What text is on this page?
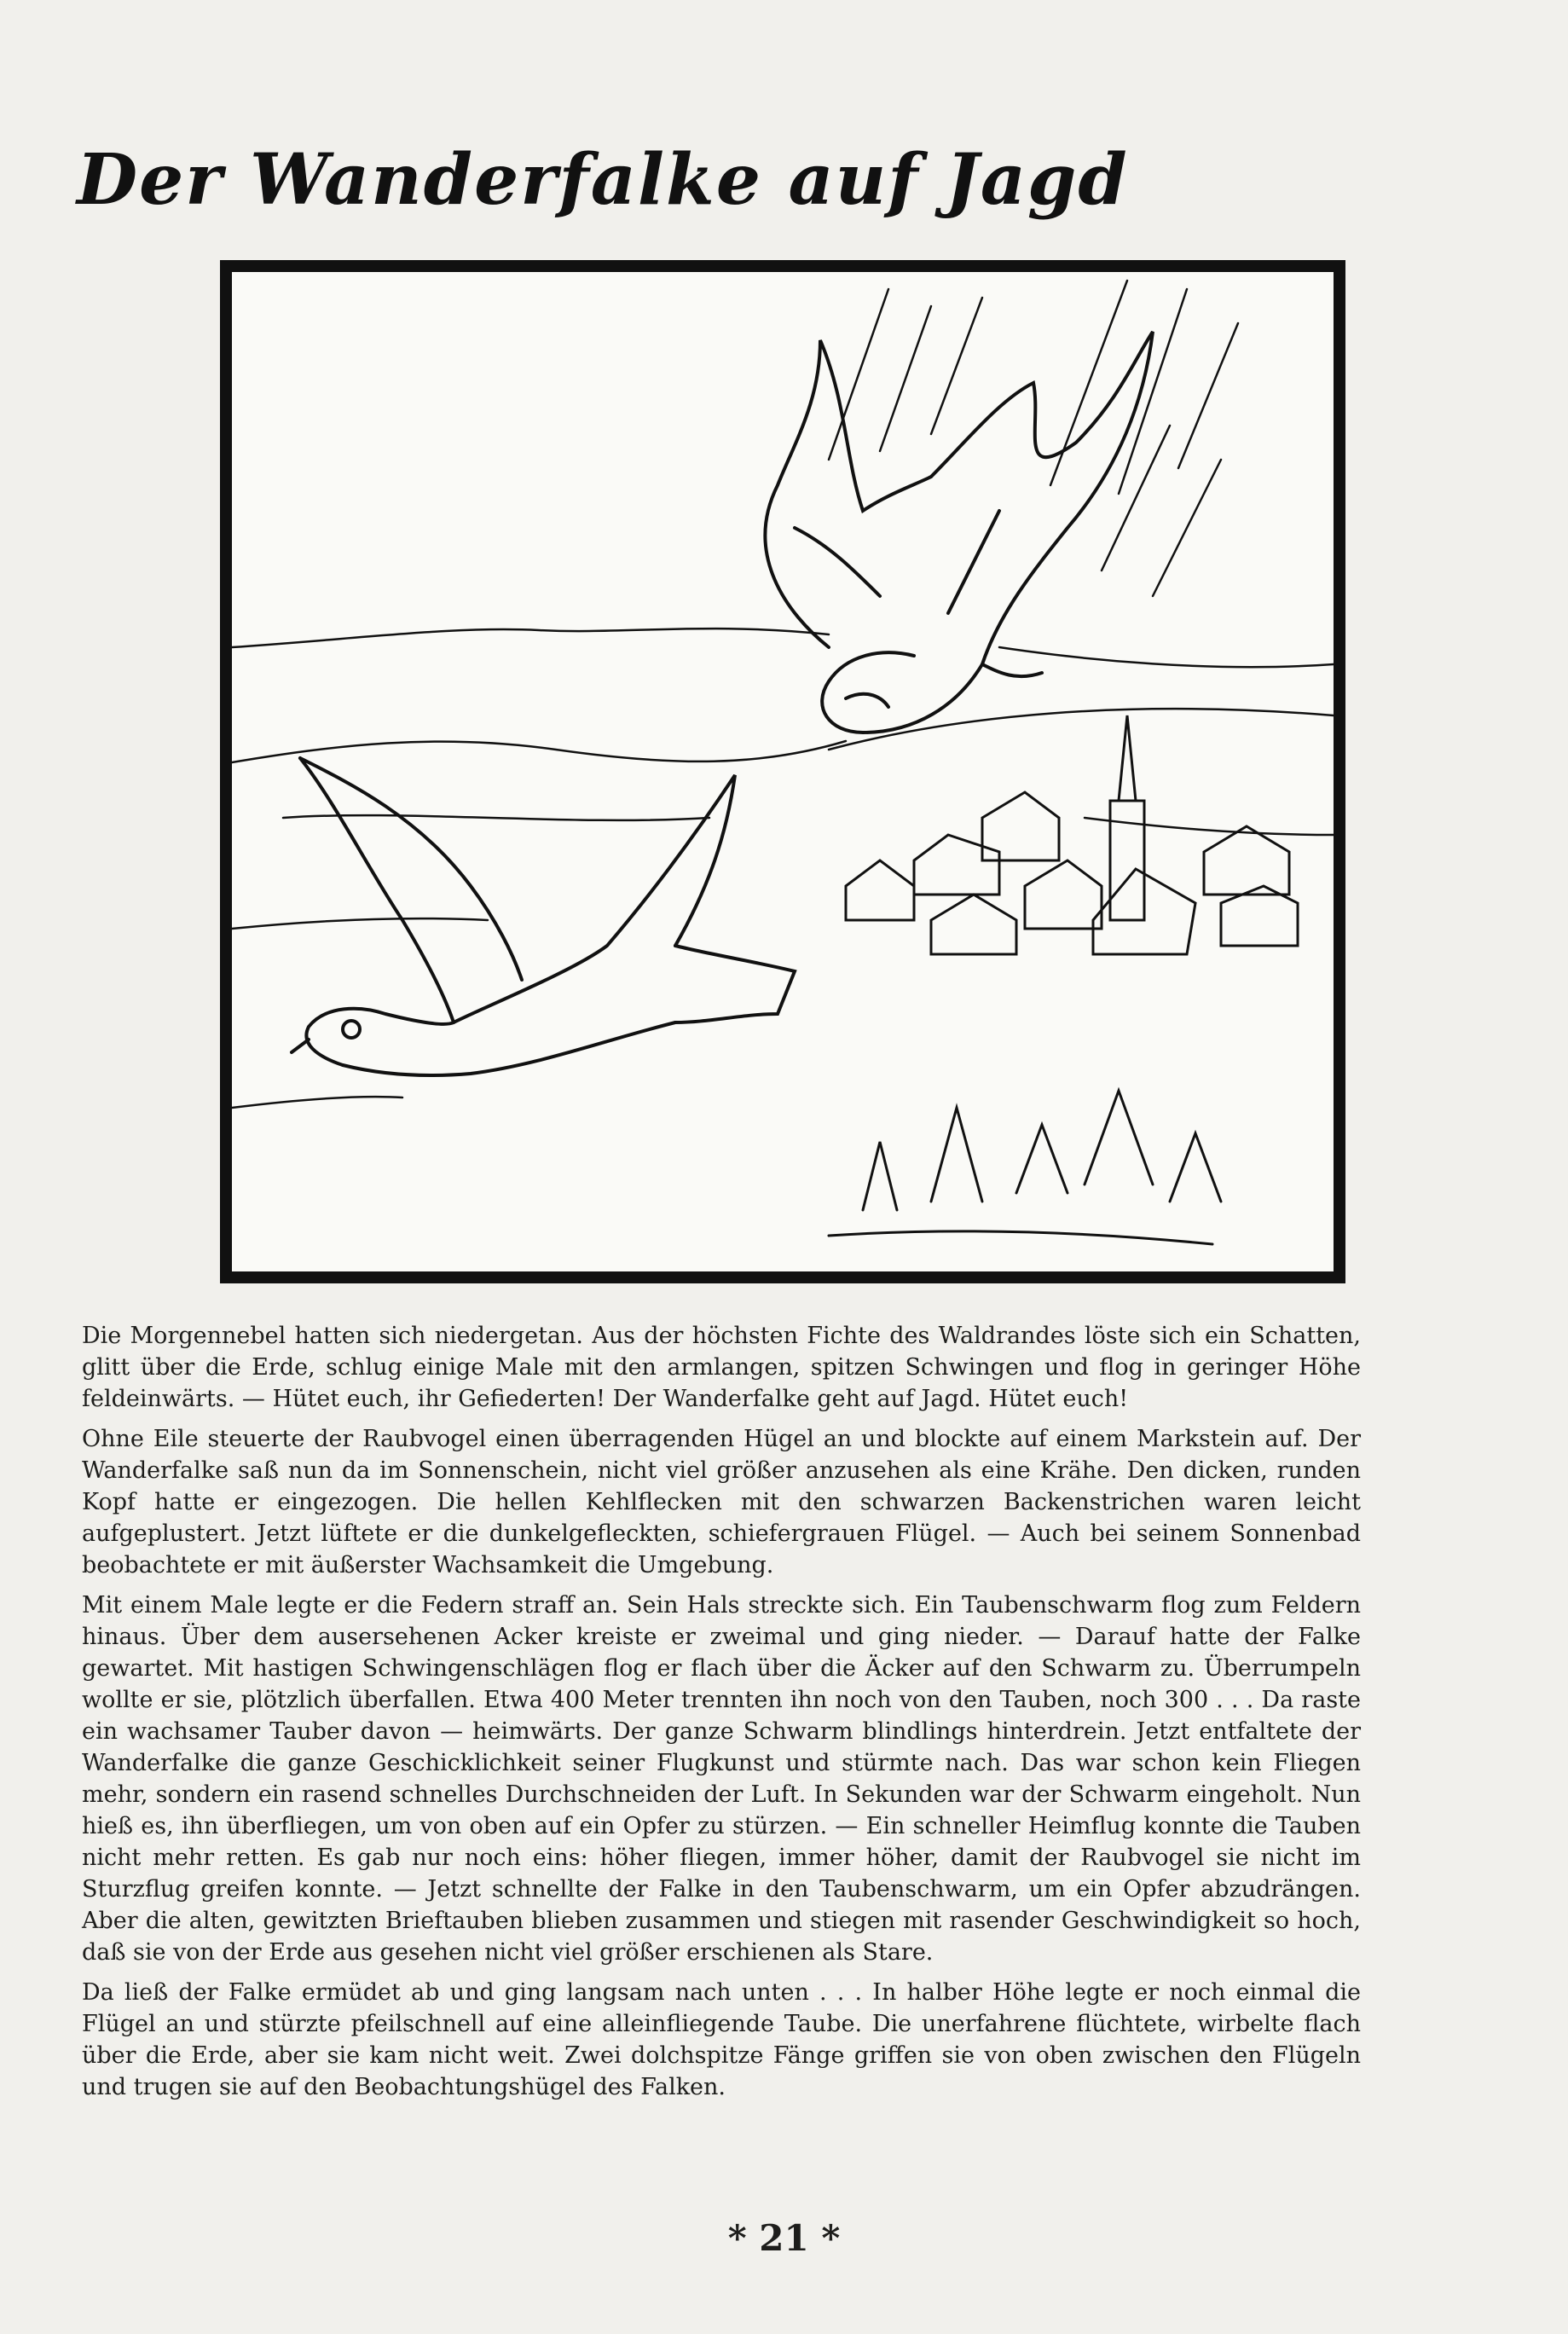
Der Wanderfalke auf Jagd

Die Morgennebel hatten sich niedergetan. Aus der höchsten Fichte des Waldrandes löste sich ein Schatten, glitt über die Erde, schlug einige Male mit den armlangen, spitzen Schwingen und flog in geringer Höhe feldeinwärts. — Hütet euch, ihr Gefiederten! Der Wanderfalke geht auf Jagd. Hütet euch!

Ohne Eile steuerte der Raubvogel einen überragenden Hügel an und blockte auf einem Markstein auf. Der Wanderfalke saß nun da im Sonnenschein, nicht viel größer anzusehen als eine Krähe. Den dicken, runden Kopf hatte er eingezogen. Die hellen Kehlflecken mit den schwarzen Backenstrichen waren leicht aufgeplustert. Jetzt lüftete er die dunkelgefleckten, schiefergrauen Flügel. — Auch bei seinem Sonnenbad beobachtete er mit äußerster Wachsamkeit die Umgebung.

Mit einem Male legte er die Federn straff an. Sein Hals streckte sich. Ein Taubenschwarm flog zum Feldern hinaus. Über dem ausersehenen Acker kreiste er zweimal und ging nieder. — Darauf hatte der Falke gewartet. Mit hastigen Schwingenschlägen flog er flach über die Äcker auf den Schwarm zu. Überrumpeln wollte er sie, plötzlich überfallen. Etwa 400 Meter trennten ihn noch von den Tauben, noch 300 . . . Da raste ein wachsamer Tauber davon — heimwärts. Der ganze Schwarm blindlings hinterdrein. Jetzt entfaltete der Wanderfalke die ganze Geschicklichkeit seiner Flugkunst und stürmte nach. Das war schon kein Fliegen mehr, sondern ein rasend schnelles Durchschneiden der Luft. In Sekunden war der Schwarm eingeholt. Nun hieß es, ihn überfliegen, um von oben auf ein Opfer zu stürzen. — Ein schneller Heimflug konnte die Tauben nicht mehr retten. Es gab nur noch eins: höher fliegen, immer höher, damit der Raubvogel sie nicht im Sturzflug greifen konnte. — Jetzt schnellte der Falke in den Taubenschwarm, um ein Opfer abzudrängen. Aber die alten, gewitzten Brieftauben blieben zusammen und stiegen mit rasender Geschwindigkeit so hoch, daß sie von der Erde aus gesehen nicht viel größer erschienen als Stare.

Da ließ der Falke ermüdet ab und ging langsam nach unten . . . In halber Höhe legte er noch einmal die Flügel an und stürzte pfeilschnell auf eine alleinfliegende Taube. Die unerfahrene flüchtete, wirbelte flach über die Erde, aber sie kam nicht weit. Zwei dolchspitze Fänge griffen sie von oben zwischen den Flügeln und trugen sie auf den Beobachtungshügel des Falken.

* 21 *
